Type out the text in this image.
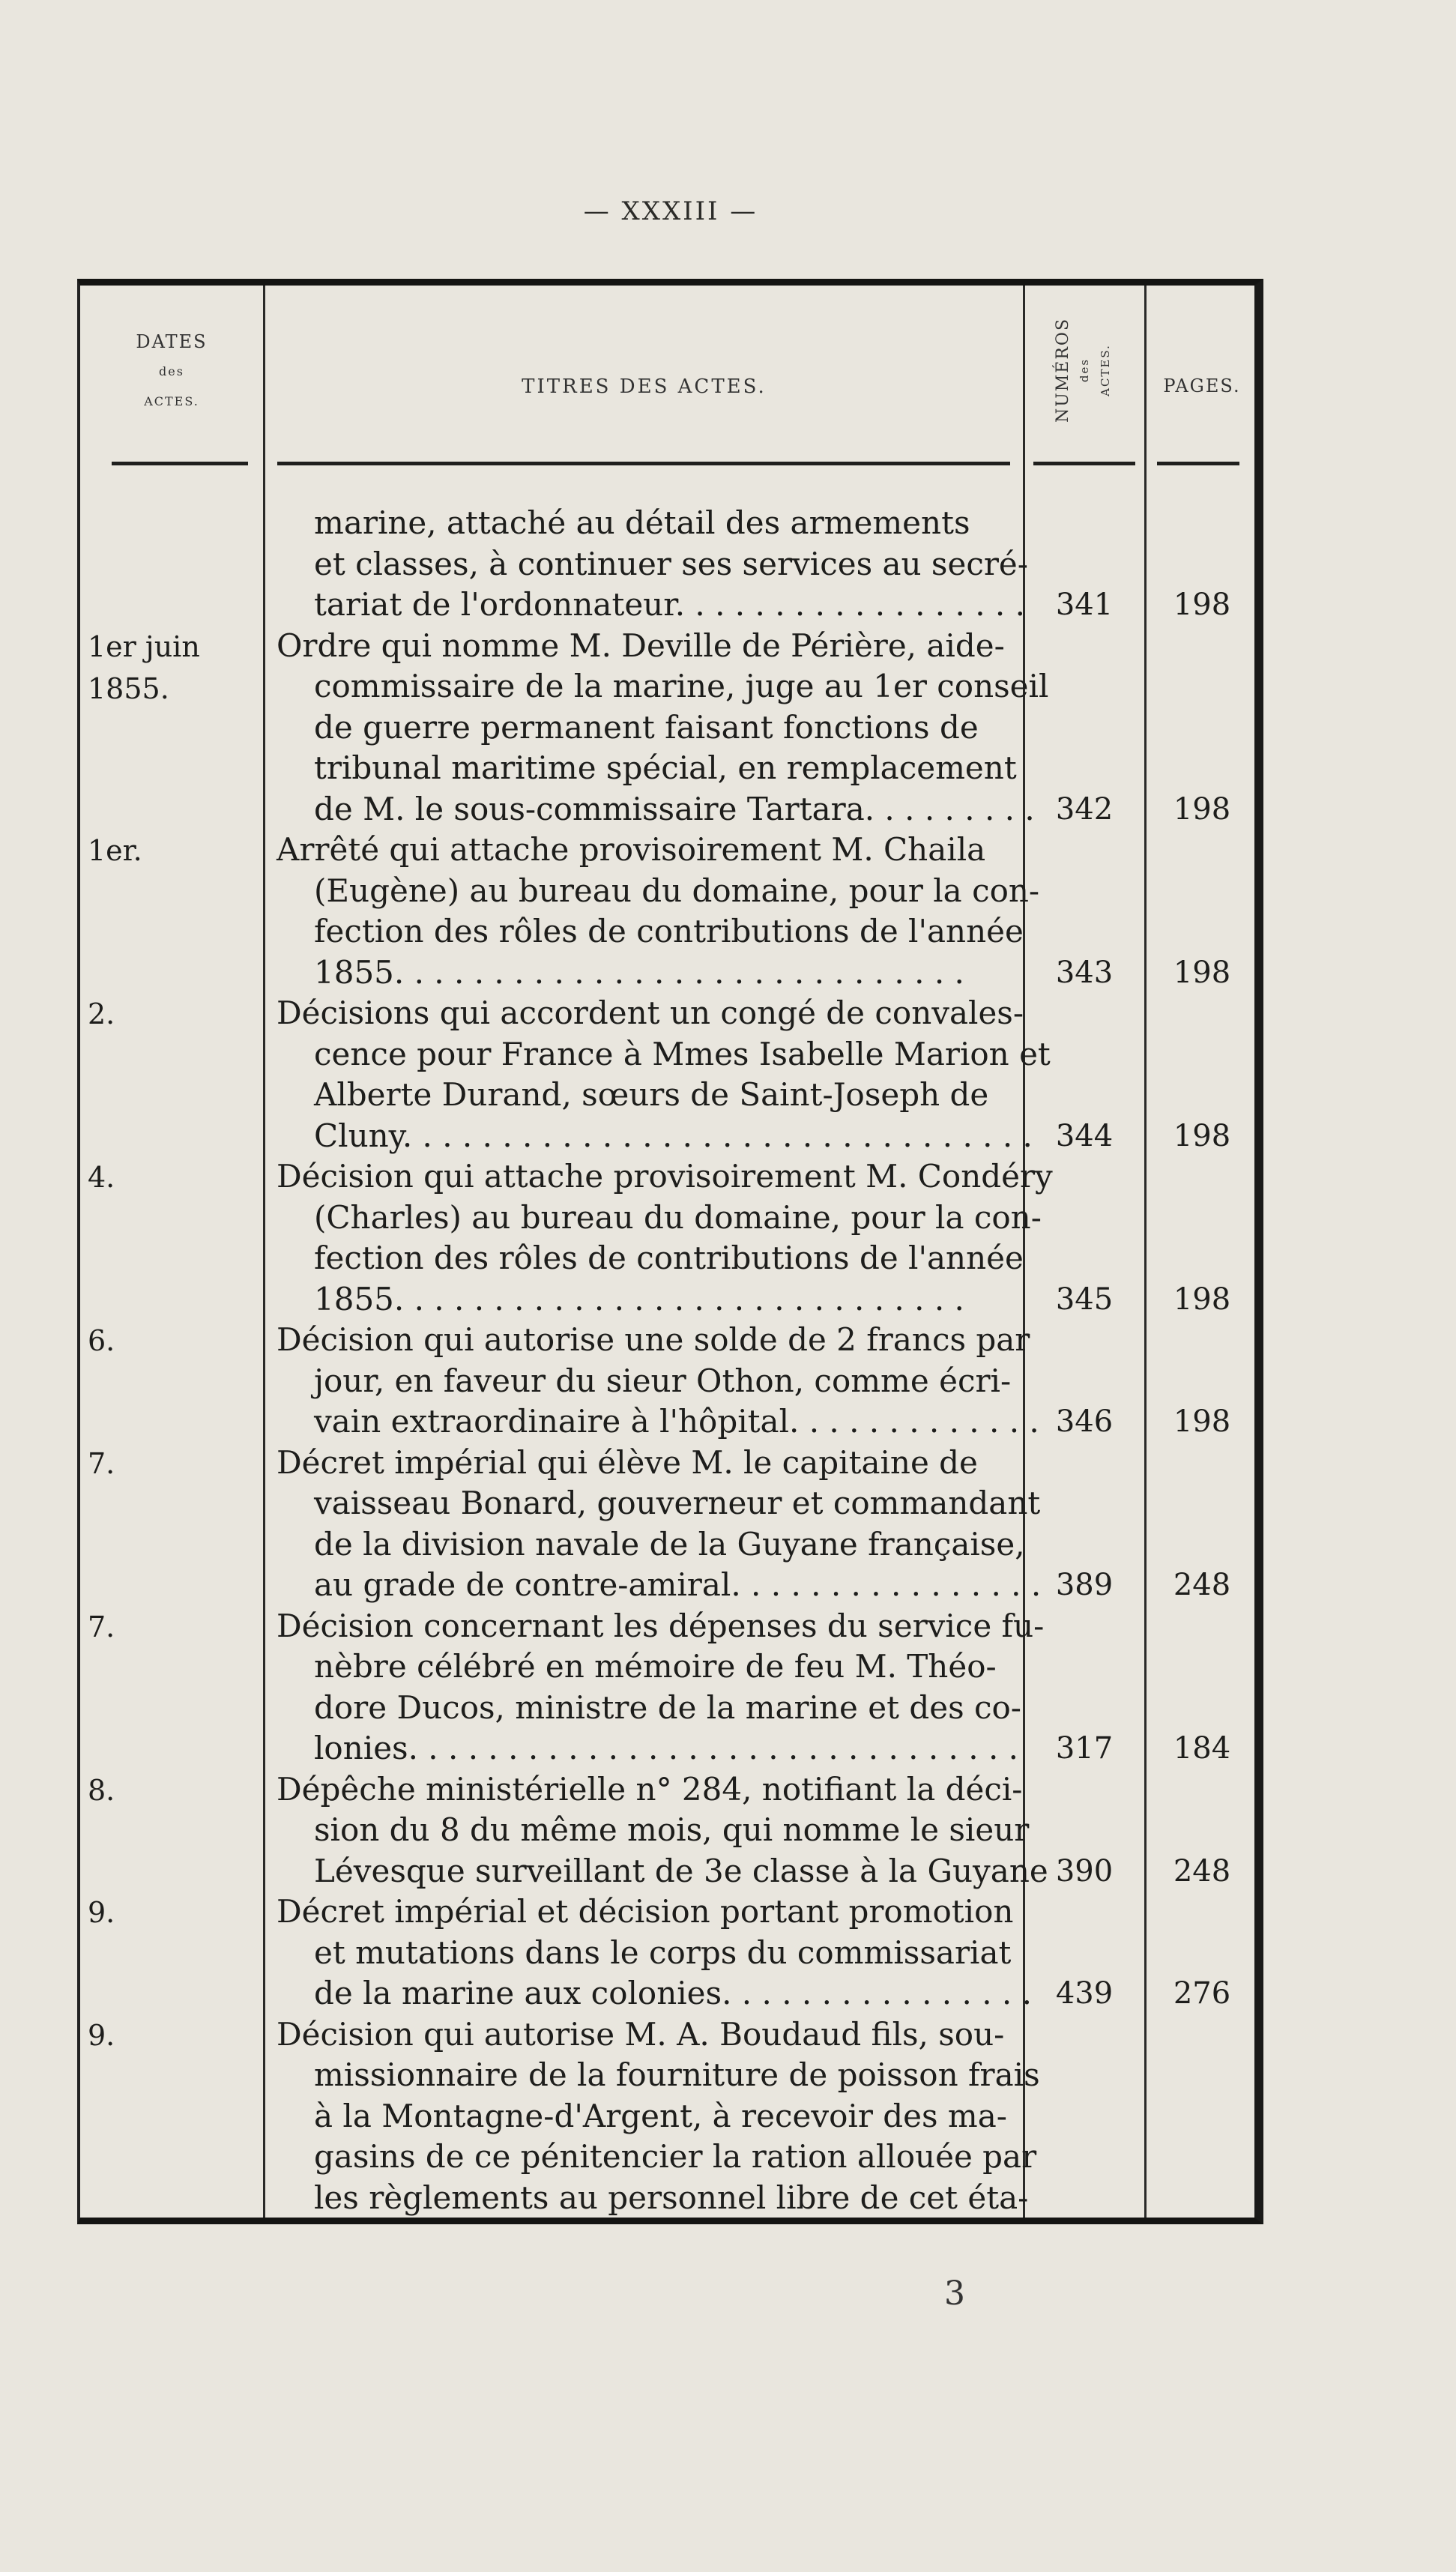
— XXXIII —
DATES
des
ACTES.
TITRES DES ACTES.	NUMÉROS des ACTES.	PAGES.
marine, attaché au détail des armements
et classes, à continuer ses services au secré-
tariat de l'ordonnateur. . . . . . . . . . . . . . . . . .	341	198
1er juin 1855.
Ordre qui nomme M. Deville de Périère, aide-
commissaire de la marine, juge au 1er conseil
de guerre permanent faisant fonctions de
tribunal maritime spécial, en remplacement
de M. le sous-commissaire Tartara. . . . . . . . . 342	198
1er.	Arrêté qui attache provisoirement M. Chaila
(Eugène) au bureau du domaine, pour la con-
fection des rôles de contributions de l'année
1855. . . . . . . . . . . . . . . . . . . . . . . . . . . . .	343	198
2.	Décisions qui accordent un congé de convales-
cence pour France à Mmes Isabelle Marion et
Alberte Durand, sœurs de Saint-Joseph de
Cluny. . . . . . . . . . . . . . . . . . . . . . . . . . . . . . . . 344	198
4.	Décision qui attache provisoirement M. Condéry
(Charles) au bureau du domaine, pour la con-
fection des rôles de contributions de l'année
1855. . . . . . . . . . . . . . . . . . . . . . . . . . . . .	345	198
6.	Décision qui autorise une solde de 2 francs par
jour, en faveur du sieur Othon, comme écri-
vain extraordinaire à l'hôpital. . . . . . . . . . . . . 346	198
7.	Décret impérial qui élève M. le capitaine de
vaisseau Bonard, gouverneur et commandant
de la division navale de la Guyane française,
au grade de contre-amiral. . . . . . . . . . . . . . . . 389	248
7.	Décision concernant les dépenses du service fu-
nèbre célébré en mémoire de feu M. Théo-
dore Ducos, ministre de la marine et des co-
lonies. . . . . . . . . . . . . . . . . . . . . . . . . . . . . . .	317	184
8.	Dépêche ministérielle n° 284, notifiant la déci-
sion du 8 du même mois, qui nomme le sieur
Lévesque surveillant de 3e classe à la Guyane 390	248
9.	Décret impérial et décision portant promotion
et mutations dans le corps du commissariat
de la marine aux colonies. . . . . . . . . . . . . . . . 439	276
9.	Décision qui autorise M. A. Boudaud fils, sou-
missionnaire de la fourniture de poisson frais
à la Montagne-d'Argent, à recevoir des ma-
gasins de ce pénitencier la ration allouée par
les règlements au personnel libre de cet éta-
3
